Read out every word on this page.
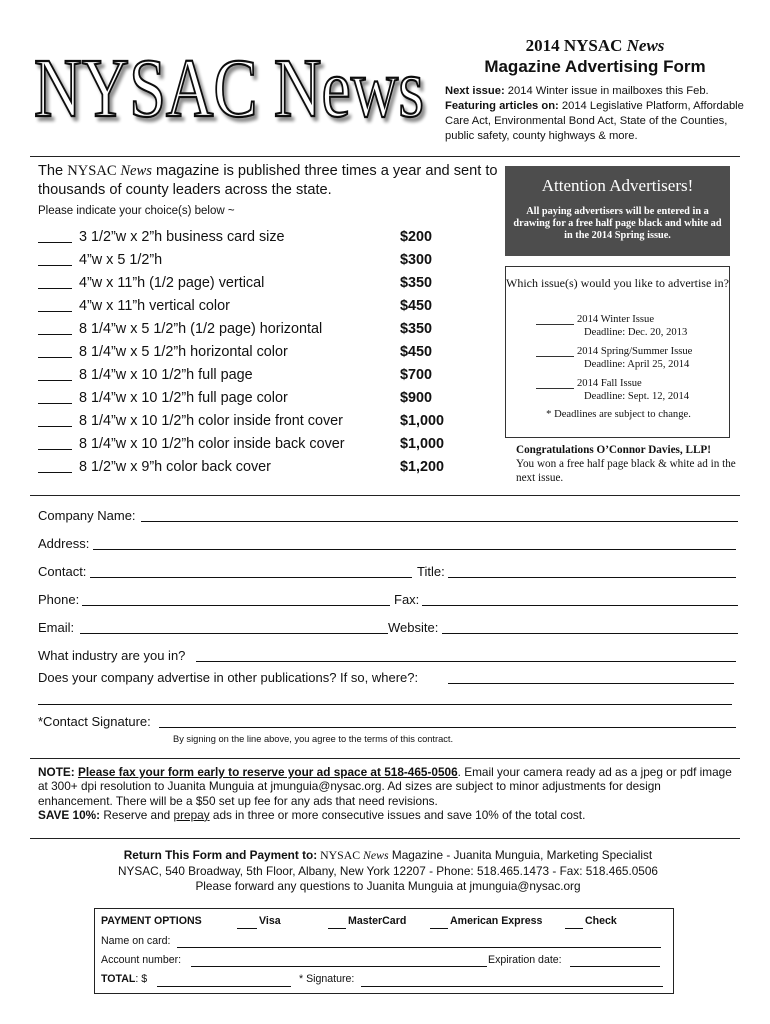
NYSAC News	2014 NYSAC News
Magazine Advertising Form
Next issue: 2014 Winter issue in mailboxes this Feb.
Featuring articles on: 2014 Legislative Platform, Affordable Care Act, Environmental Bond Act, State of the Counties, public safety, county highways & more.
The NYSAC News magazine is published three times a year and sent to thousands of county leaders across the state.
Please indicate your choice(s) below ~
3 1/2”w x 2”h business card size	$200
4”w x 5 1/2”h	$300
4”w x 11”h (1/2 page) vertical	$350
4”w x 11”h vertical color	$450
8 1/4”w x 5 1/2”h (1/2 page) horizontal	$350
8 1/4”w x 5 1/2”h horizontal color	$450
8 1/4”w x 10 1/2”h full page	$700
8 1/4”w x 10 1/2”h full page color	$900
8 1/4”w x 10 1/2”h color inside front cover	$1,000
8 1/4”w x 10 1/2”h color inside back cover	$1,000
8 1/2”w x 9”h color back cover	$1,200
Attention Advertisers!
All paying advertisers will be entered in a drawing for a free half page black and white ad in the 2014 Spring issue.
Which issue(s) would you like to advertise in?
2014 Winter Issue
Deadline: Dec. 20, 2013
2014 Spring/Summer Issue
Deadline: April 25, 2014
2014 Fall Issue
Deadline: Sept. 12, 2014
* Deadlines are subject to change.
Congratulations O’Connor Davies, LLP!
You won a free half page black & white ad in the next issue.
Company Name:
Address:
Contact:	Title:
Phone:	Fax:
Email:	Website:
What industry are you in?
Does your company advertise in other publications? If so, where?:
*Contact Signature:
By signing on the line above, you agree to the terms of this contract.
NOTE: Please fax your form early to reserve your ad space at 518-465-0506. Email your camera ready ad as a jpeg or pdf image at 300+ dpi resolution to Juanita Munguia at jmunguia@nysac.org. Ad sizes are subject to minor adjustments for design enhancement. There will be a $50 set up fee for any ads that need revisions.
SAVE 10%: Reserve and prepay ads in three or more consecutive issues and save 10% of the total cost.
Return This Form and Payment to: NYSAC News Magazine - Juanita Munguia, Marketing Specialist
NYSAC, 540 Broadway, 5th Floor, Albany, New York 12207 - Phone: 518.465.1473 - Fax: 518.465.0506
Please forward any questions to Juanita Munguia at jmunguia@nysac.org
PAYMENT OPTIONS	Visa	MasterCard	American Express	Check
Name on card:
Account number:	Expiration date:
TOTAL: $	* Signature:
